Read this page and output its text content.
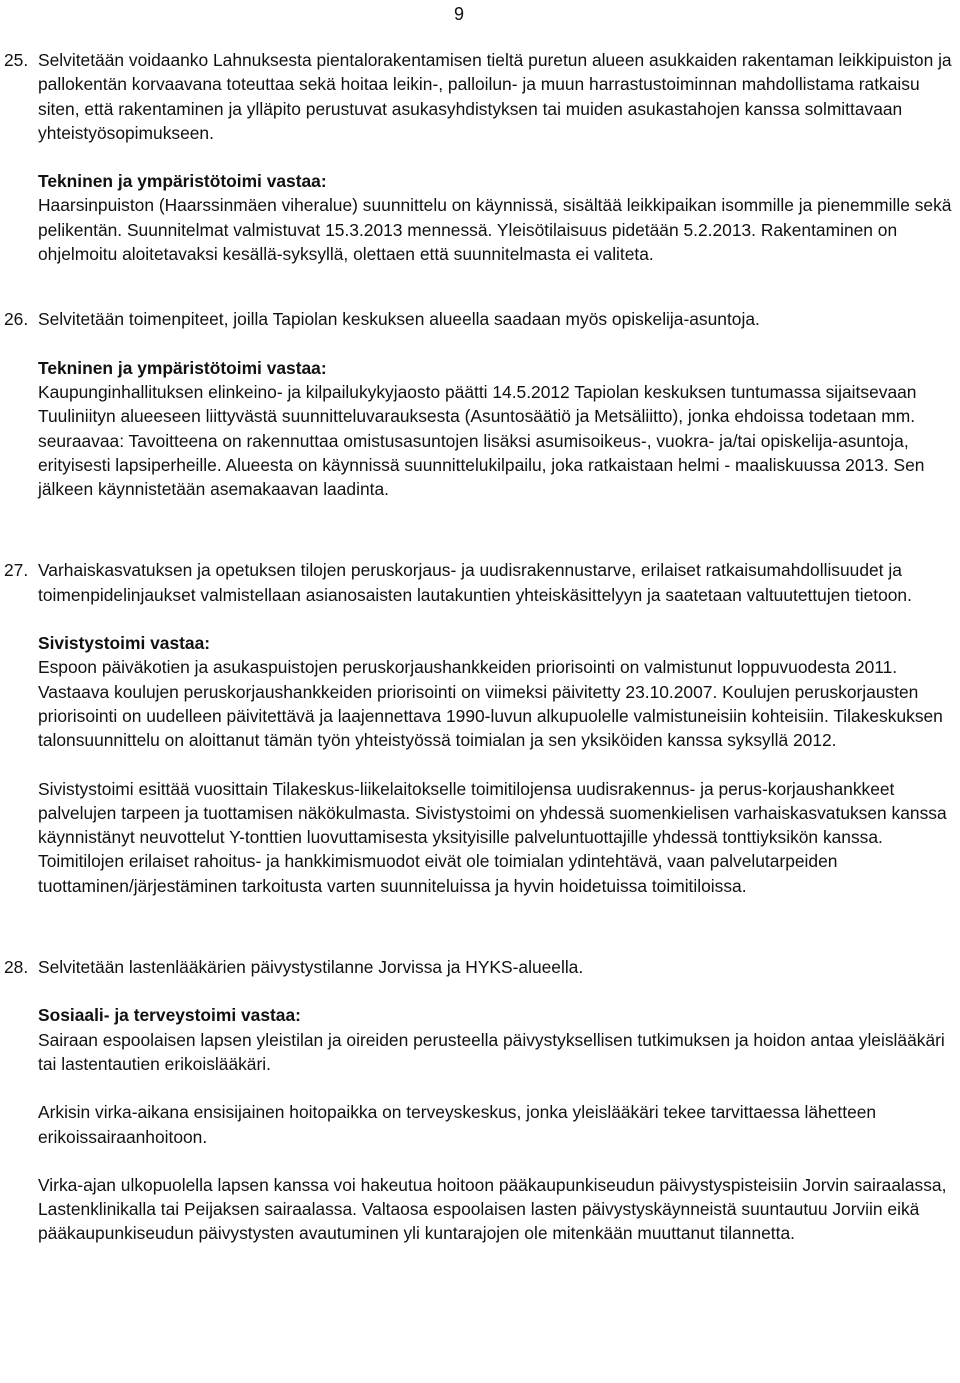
9
25. Selvitetään voidaanko Lahnuksesta pientalorakentamisen tieltä puretun alueen asukkaiden rakentaman leikkipuiston ja pallokentän korvaavana toteuttaa sekä hoitaa leikin-, palloilun- ja muun harrastustoiminnan mahdollistama ratkaisu siten, että rakentaminen ja ylläpito perustuvat asukasyhdistyksen tai muiden asukastahojen kanssa solmittavaan yhteistyösopimukseen.

Tekninen ja ympäristötoimi vastaa:

Haarsinpuiston (Haarssinmäen viheralue) suunnittelu on käynnissä, sisältää leikkipaikan isommille ja pienemmille sekä pelikentän. Suunnitelmat valmistuvat 15.3.2013 mennessä. Yleisötilaisuus pidetään 5.2.2013. Rakentaminen on ohjelmoitu aloitetavaksi kesällä-syksyllä, olettaen että suunnitelmasta ei valiteta.

26. Selvitetään toimenpiteet, joilla Tapiolan keskuksen alueella saadaan myös opiskelija-asuntoja.

Tekninen ja ympäristötoimi vastaa:

Kaupunginhallituksen elinkeino- ja kilpailukykyjaosto päätti 14.5.2012 Tapiolan keskuksen tuntumassa sijaitsevaan Tuuliniityn alueeseen liittyvästä suunnitteluvarauksesta (Asuntosäätiö ja Metsäliitto), jonka ehdoissa todetaan mm. seuraavaa: Tavoitteena on rakennuttaa omistusasuntojen lisäksi asumisoikeus-, vuokra- ja/tai opiskelija-asuntoja, erityisesti lapsiperheille. Alueesta on käynnissä suunnittelukilpailu, joka ratkaistaan helmi - maaliskuussa 2013. Sen jälkeen käynnistetään asemakaavan laadinta.

27. Varhaiskasvatuksen ja opetuksen tilojen peruskorjaus- ja uudisrakennustarve, erilaiset ratkaisumahdollisuudet ja toimenpidelinjaukset valmistellaan asianosaisten lautakuntien yhteiskäsittelyyn ja saatetaan valtuutettujen tietoon.

Sivistystoimi vastaa:

Espoon päiväkotien ja asukaspuistojen peruskorjaushankkeiden priorisointi on valmistunut loppuvuodesta 2011. Vastaava koulujen peruskorjaushankkeiden priorisointi on viimeksi päivitetty 23.10.2007. Koulujen peruskorjausten priorisointi on uudelleen päivitettävä ja laajennettava 1990-luvun alkupuolelle valmistuneisiin kohteisiin. Tilakeskuksen talonsuunnittelu on aloittanut tämän työn yhteistyössä toimialan ja sen yksiköiden kanssa syksyllä 2012.

Sivistystoimi esittää vuosittain Tilakeskus-liikelaitokselle toimitilojensa uudisrakennus- ja perus-korjaushankkeet palvelujen tarpeen ja tuottamisen näkökulmasta. Sivistystoimi on yhdessä suomenkielisen varhaiskasvatuksen kanssa käynnistänyt neuvottelut Y-tonttien luovuttamisesta yksityisille palveluntuottajille yhdessä tonttiyksikön kanssa. Toimitilojen erilaiset rahoitus- ja hankkimismuodot eivät ole toimialan ydintehtävä, vaan palvelutarpeiden tuottaminen/järjestäminen tarkoitusta varten suunniteluissa ja hyvin hoidetuissa toimitiloissa.

28. Selvitetään lastenlääkärien päivystystilanne Jorvissa ja HYKS-alueella.

Sosiaali- ja terveystoimi vastaa:

Sairaan espoolaisen lapsen yleistilan ja oireiden perusteella päivystyksellisen tutkimuksen ja hoidon antaa yleislääkäri tai lastentautien erikoislääkäri.

Arkisin virka-aikana ensisijainen hoitopaikka on terveyskeskus, jonka yleislääkäri tekee tarvittaessa lähetteen erikoissairaanhoitoon.

Virka-ajan ulkopuolella lapsen kanssa voi hakeutua hoitoon pääkaupunkiseudun päivystyspisteisiin Jorvin sairaalassa, Lastenklinikalla tai Peijaksen sairaalassa. Valtaosa espoolaisen lasten päivystyskäynneistä suuntautuu Jorviin eikä pääkaupunkiseudun päivystysten avautuminen yli kuntarajojen ole mitenkään muuttanut tilannetta.
